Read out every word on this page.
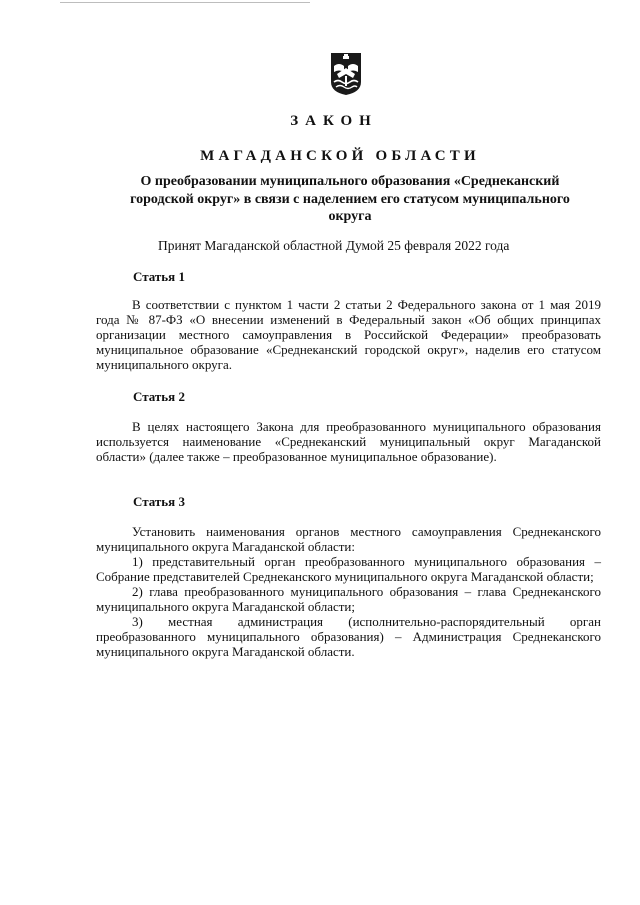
ЗАКОН
МАГАДАНСКОЙ ОБЛАСТИ
О преобразовании муниципального образования «Среднеканский городской округ» в связи с наделением его статусом муниципального округа
Принят Магаданской областной Думой 25 февраля 2022 года
Статья 1

В соответствии с пунктом 1 части 2 статьи 2 Федерального закона от 1 мая 2019 года № 87-ФЗ «О внесении изменений в Федеральный закон «Об общих принципах организации местного самоуправления в Российской Федерации» преобразовать муниципальное образование «Среднеканский городской округ», наделив его статусом муниципального округа.

Статья 2

В целях настоящего Закона для преобразованного муниципального образования используется наименование «Среднеканский муниципальный округ Магаданской области» (далее также – преобразованное муниципальное образование).

Статья 3

Установить наименования органов местного самоуправления Среднеканского муниципального округа Магаданской области:

1) представительный орган преобразованного муниципального образования – Собрание представителей Среднеканского муниципального округа Магаданской области;

2) глава преобразованного муниципального образования – глава Среднеканского муниципального округа Магаданской области;

3) местная администрация (исполнительно-распорядительный орган преобразованного муниципального образования) – Администрация Среднеканского муниципального округа Магаданской области.
